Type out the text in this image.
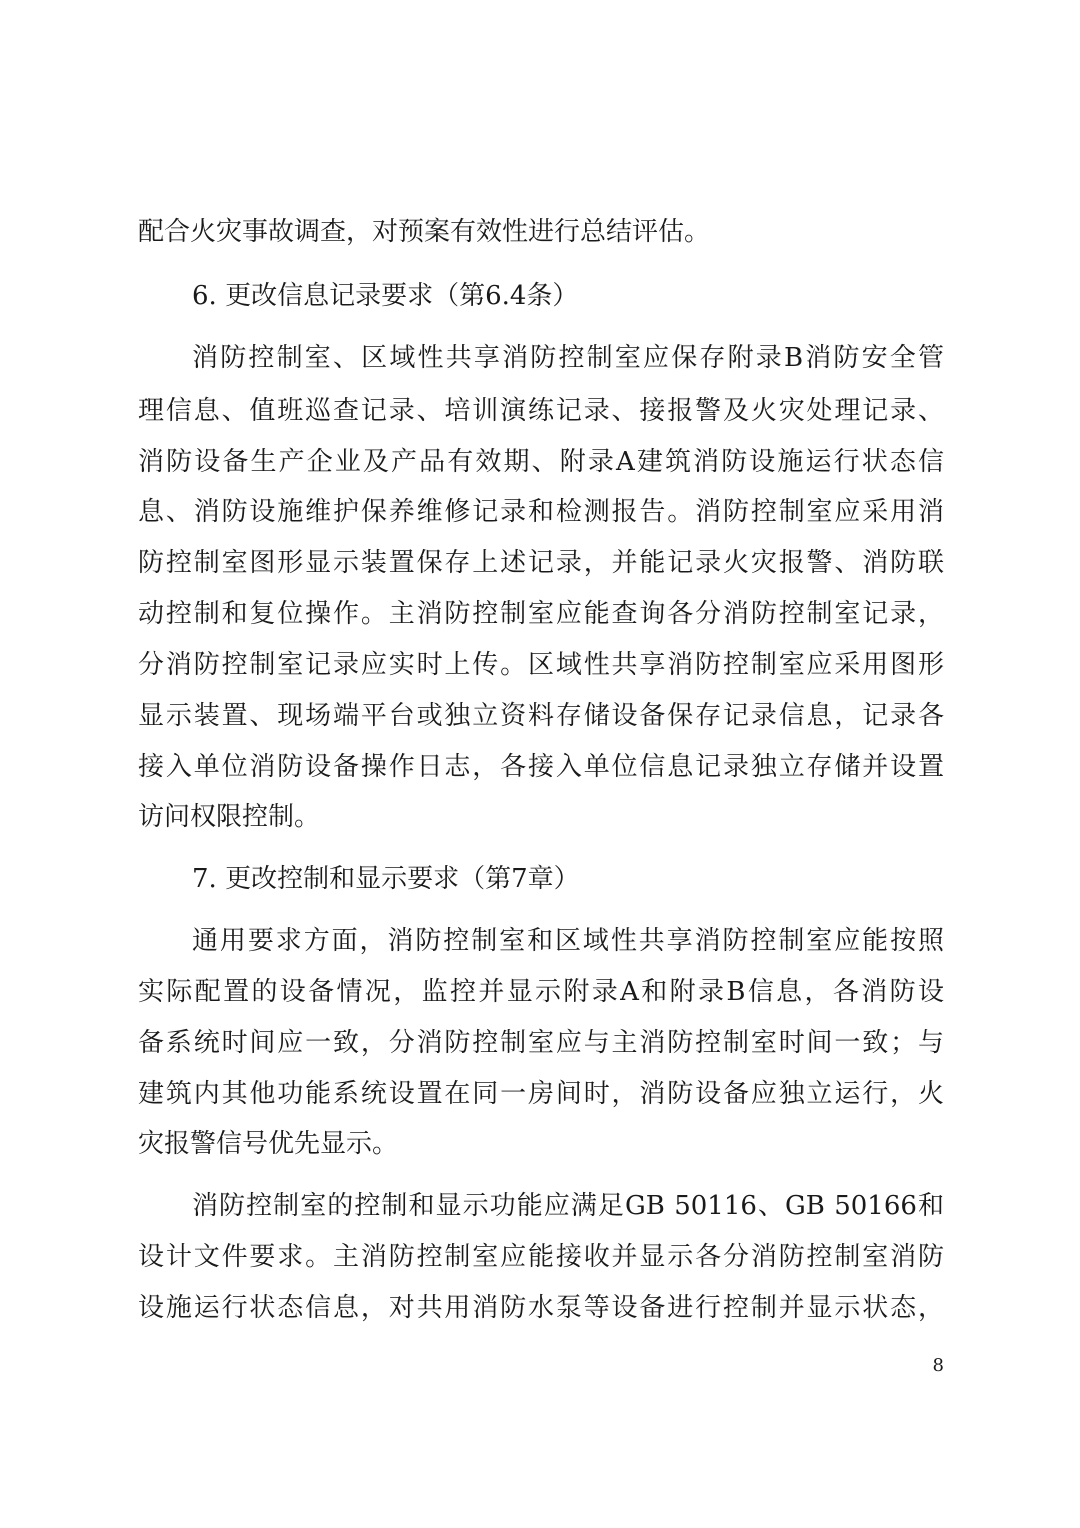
配合火灾事故调查，对预案有效性进行总结评估。
6. 更改信息记录要求（第6.4条）
消防控制室、区域性共享消防控制室应保存附录B消防安全管
理信息、值班巡查记录、培训演练记录、接报警及火灾处理记录、
消防设备生产企业及产品有效期、附录A建筑消防设施运行状态信
息、消防设施维护保养维修记录和检测报告。消防控制室应采用消
防控制室图形显示装置保存上述记录，并能记录火灾报警、消防联
动控制和复位操作。主消防控制室应能查询各分消防控制室记录，
分消防控制室记录应实时上传。区域性共享消防控制室应采用图形
显示装置、现场端平台或独立资料存储设备保存记录信息，记录各
接入单位消防设备操作日志，各接入单位信息记录独立存储并设置
访问权限控制。
7. 更改控制和显示要求（第7章）
通用要求方面，消防控制室和区域性共享消防控制室应能按照
实际配置的设备情况，监控并显示附录A和附录B信息，各消防设
备系统时间应一致，分消防控制室应与主消防控制室时间一致；与
建筑内其他功能系统设置在同一房间时，消防设备应独立运行，火
灾报警信号优先显示。
消防控制室的控制和显示功能应满足GB 50116、GB 50166和
设计文件要求。主消防控制室应能接收并显示各分消防控制室消防
设施运行状态信息，对共用消防水泵等设备进行控制并显示状态，
8
